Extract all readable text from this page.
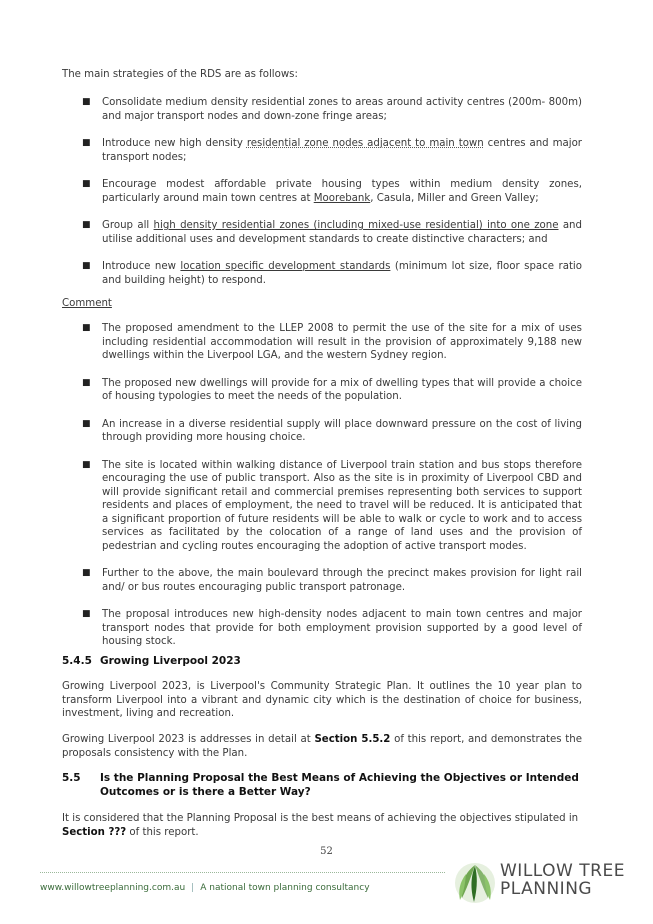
The main strategies of the RDS are as follows:

■ Consolidate medium density residential zones to areas around activity centres (200m- 800m) and major transport nodes and down-zone fringe areas;
■ Introduce new high density residential zone nodes adjacent to main town centres and major transport nodes;
■ Encourage modest affordable private housing types within medium density zones, particularly around main town centres at Moorebank, Casula, Miller and Green Valley;
■ Group all high density residential zones (including mixed-use residential) into one zone and utilise additional uses and development standards to create distinctive characters; and
■ Introduce new location specific development standards (minimum lot size, floor space ratio and building height) to respond.

Comment

■ The proposed amendment to the LLEP 2008 to permit the use of the site for a mix of uses including residential accommodation will result in the provision of approximately 9,188 new dwellings within the Liverpool LGA, and the western Sydney region.
■ The proposed new dwellings will provide for a mix of dwelling types that will provide a choice of housing typologies to meet the needs of the population.
■ An increase in a diverse residential supply will place downward pressure on the cost of living through providing more housing choice.
■ The site is located within walking distance of Liverpool train station and bus stops therefore encouraging the use of public transport. Also as the site is in proximity of Liverpool CBD and will provide significant retail and commercial premises representing both services to support residents and places of employment, the need to travel will be reduced. It is anticipated that a significant proportion of future residents will be able to walk or cycle to work and to access services as facilitated by the colocation of a range of land uses and the provision of pedestrian and cycling routes encouraging the adoption of active transport modes.
■ Further to the above, the main boulevard through the precinct makes provision for light rail and/ or bus routes encouraging public transport patronage.
■ The proposal introduces new high-density nodes adjacent to main town centres and major transport nodes that provide for both employment provision supported by a good level of housing stock.
5.4.5 Growing Liverpool 2023

Growing Liverpool 2023, is Liverpool's Community Strategic Plan. It outlines the 10 year plan to transform Liverpool into a vibrant and dynamic city which is the destination of choice for business, investment, living and recreation.

Growing Liverpool 2023 is addresses in detail at Section 5.5.2 of this report, and demonstrates the proposals consistency with the Plan.

5.5 Is the Planning Proposal the Best Means of Achieving the Objectives or Intended
Outcomes or is there a Better Way?

It is considered that the Planning Proposal is the best means of achieving the objectives stipulated in
Section ??? of this report.

52
www.willowtreeplanning.com.au | A national town planning consultancy
WILLOW TREE
PLANNING
